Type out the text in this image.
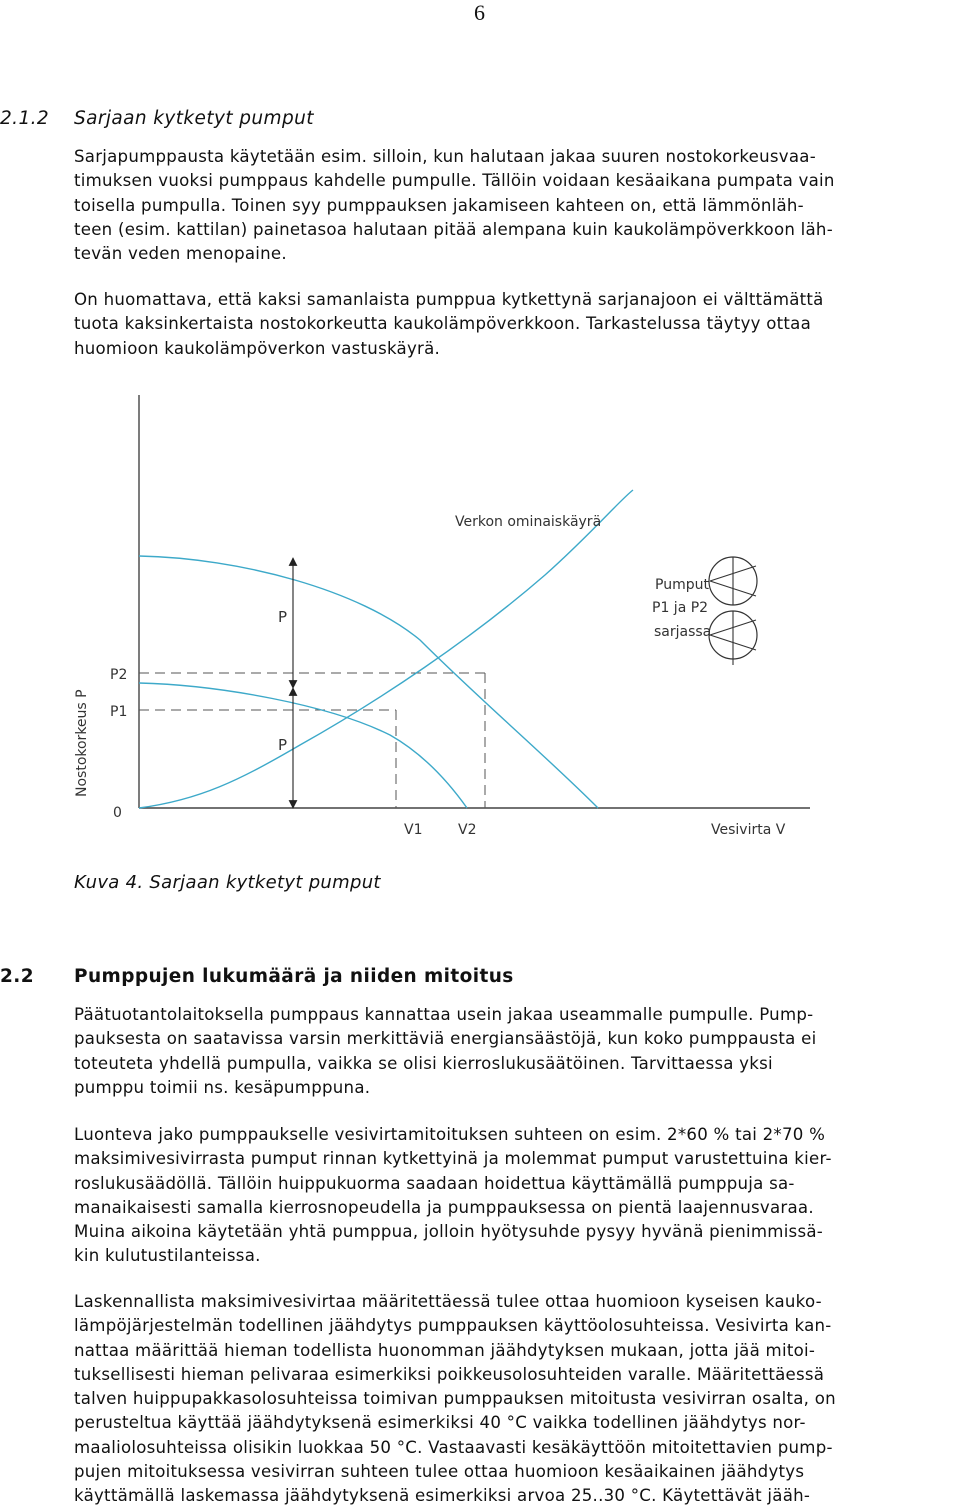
6
2.1.2 Sarjaan kytketyt pumput
Sarjapumppausta käytetään esim. silloin, kun halutaan jakaa suuren nostokorkeusvaa-
timuksen vuoksi pumppaus kahdelle pumpulle. Tällöin voidaan kesäaikana pumpata vain
toisella pumpulla. Toinen syy pumppauksen jakamiseen kahteen on, että lämmönläh-
teen (esim. kattilan) painetasoa halutaan pitää alempana kuin kaukolämpöverkkoon läh-
tevän veden menopaine.
On huomattava, että kaksi samanlaista pumppua kytkettynä sarjanajoon ei välttämättä
tuota kaksinkertaista nostokorkeutta kaukolämpöverkkoon. Tarkastelussa täytyy ottaa
huomioon kaukolämpöverkon vastuskäyrä.
Verkon ominaiskäyrä
Pumput
P1 ja P2
sarjassa
P
P
P2
P1
0
V1	V2	Vesivirta V
Nostokorkeus P
Kuva 4. Sarjaan kytketyt pumput
2.2 Pumppujen lukumäärä ja niiden mitoitus
Päätuotantolaitoksella pumppaus kannattaa usein jakaa useammalle pumpulle. Pump-
pauksesta on saatavissa varsin merkittäviä energiansäästöjä, kun koko pumppausta ei
toteuteta yhdellä pumpulla, vaikka se olisi kierroslukusäätöinen. Tarvittaessa yksi
pumppu toimii ns. kesäpumppuna.
Luonteva jako pumppaukselle vesivirtamitoituksen suhteen on esim. 2*60 % tai 2*70 %
maksimivesivirrasta pumput rinnan kytkettyinä ja molemmat pumput varustettuina kier-
roslukusäädöllä. Tällöin huippukuorma saadaan hoidettua käyttämällä pumppuja sa-
manaikaisesti samalla kierrosnopeudella ja pumppauksessa on pientä laajennusvaraa.
Muina aikoina käytetään yhtä pumppua, jolloin hyötysuhde pysyy hyvänä pienimmissä-
kin kulutustilanteissa.
Laskennallista maksimivesivirtaa määritettäessä tulee ottaa huomioon kyseisen kauko-
lämpöjärjestelmän todellinen jäähdytys pumppauksen käyttöolosuhteissa. Vesivirta kan-
nattaa määrittää hieman todellista huonomman jäähdytyksen mukaan, jotta jää mitoi-
tuksellisesti hieman pelivaraa esimerkiksi poikkeusolosuhteiden varalle. Määritettäessä
talven huippupakkasolosuhteissa toimivan pumppauksen mitoitusta vesivirran osalta, on
perusteltua käyttää jäähdytyksenä esimerkiksi 40 °C vaikka todellinen jäähdytys nor-
maaliolosuhteissa olisikin luokkaa 50 °C. Vastaavasti kesäkäyttöön mitoitettavien pump-
pujen mitoituksessa vesivirran suhteen tulee ottaa huomioon kesäaikainen jäähdytys
käyttämällä laskemassa jäähdytyksenä esimerkiksi arvoa 25..30 °C. Käytettävät jääh-
